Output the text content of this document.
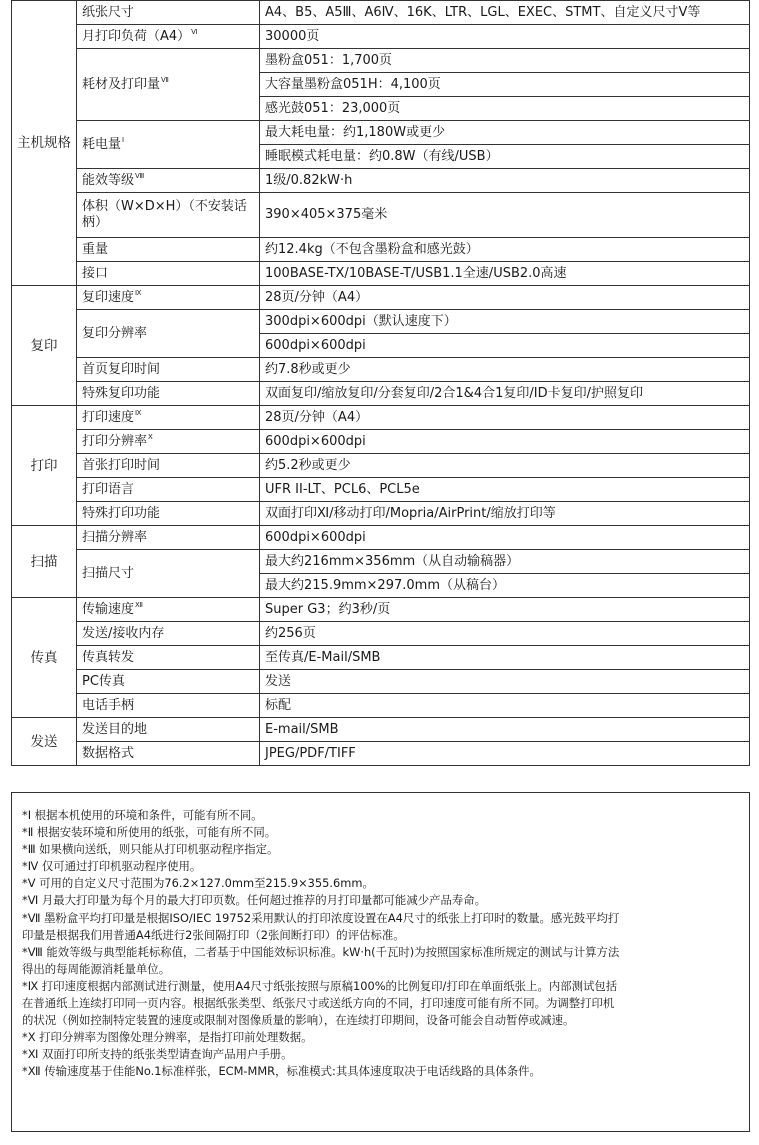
主机规格	纸张尺寸	A4、B5、A5Ⅲ、A6Ⅳ、16K、LTR、LGL、EXEC、STMT、自定义尺寸V等
	月打印负荷$(A4)^Ⅵ$	30000页
	耗材及打印量$^Ⅶ$	墨粉盒051：1,700页
		大容量墨粉盒051H：4,100页
		感光鼓051：23,000页
	耗电量$^Ⅰ$	最大耗电量：约1,180W或更少
		睡眠模式耗电量：约0.8W（有线/USB）
	能效等级$^Ⅷ$	1级/0.82kW·h
	体积（W×D×H）（不安装话柄）	390×405×375毫米
	重量	约12.4kg（不包含墨粉盒和感光鼓）
	接口	100BASE-TX/10BASE-T/USB1.1全速/USB2.0高速
复印	复印速度$^Ⅸ$	28页/分钟（A4）
	复印分辨率	300dpi×600dpi（默认速度下）
		600dpi×600dpi
	首页复印时间	约7.8秒或更少
	特殊复印功能	双面复印/缩放复印/分套复印/2合1&4合1复印/ID卡复印/护照复印
打印	打印速度$^Ⅸ$	28页/分钟（A4）
	打印分辨率$^Ⅹ$	600dpi×600dpi
	首张打印时间	约5.2秒或更少
	打印语言	UFR II-LT、PCL6、PCL5e
	特殊打印功能	双面打印Ⅺ/移动打印/Mopria/AirPrint/缩放打印等
扫描	扫描分辨率	600dpi×600dpi
	扫描尺寸	最大约216mm×356mm（从自动输稿器）
		最大约215.9mm×297.0mm（从稿台）
传真	传输速度$^Ⅻ$	Super G3；约3秒/页
	发送/接收内存	约256页
	传真转发	至传真/E-Mail/SMB
	PC传真	发送
	电话手柄	标配
发送	发送目的地	E-mail/SMB
	数据格式	JPEG/PDF/TIFF

*Ⅰ 根据本机使用的环境和条件，可能有所不同。

*Ⅱ 根据安装环境和所使用的纸张，可能有所不同。

*Ⅲ 如果横向送纸，则只能从打印机驱动程序指定。

*Ⅳ 仅可通过打印机驱动程序使用。

*Ⅴ 可用的自定义尺寸范围为76.2×127.0mm至215.9×355.6mm。

*Ⅵ 月最大打印量为每个月的最大打印页数。任何超过推荐的月打印量都可能减少产品寿命。

*Ⅶ 墨粉盒平均打印量是根据ISO/IEC 19752采用默认的打印浓度设置在A4尺寸的纸张上打印时的数量。感光鼓平均打

印量是根据我们用普通A4纸进行2张间隔打印（2张间断打印）的评估标准。

*Ⅷ 能效等级与典型能耗标称值，二者基于中国能效标识标准。kW·h(千瓦时)为按照国家标准所规定的测试与计算方法

得出的每周能源消耗量单位。

*Ⅸ 打印速度根据内部测试进行测量，使用A4尺寸纸张按照与原稿100%的比例复印/打印在单面纸张上。内部测试包括

在普通纸上连续打印同一页内容。根据纸张类型、纸张尺寸或送纸方向的不同，打印速度可能有所不同。为调整打印机

的状况（例如控制特定装置的速度或限制对图像质量的影响），在连续打印期间，设备可能会自动暂停或减速。

*Ⅹ 打印分辨率为图像处理分辨率，是指打印前处理数据。

*Ⅺ 双面打印所支持的纸张类型请查询产品用户手册。

*Ⅻ 传输速度基于佳能No.1标准样张，ECM-MMR，标准模式:其具体速度取决于电话线路的具体条件。
